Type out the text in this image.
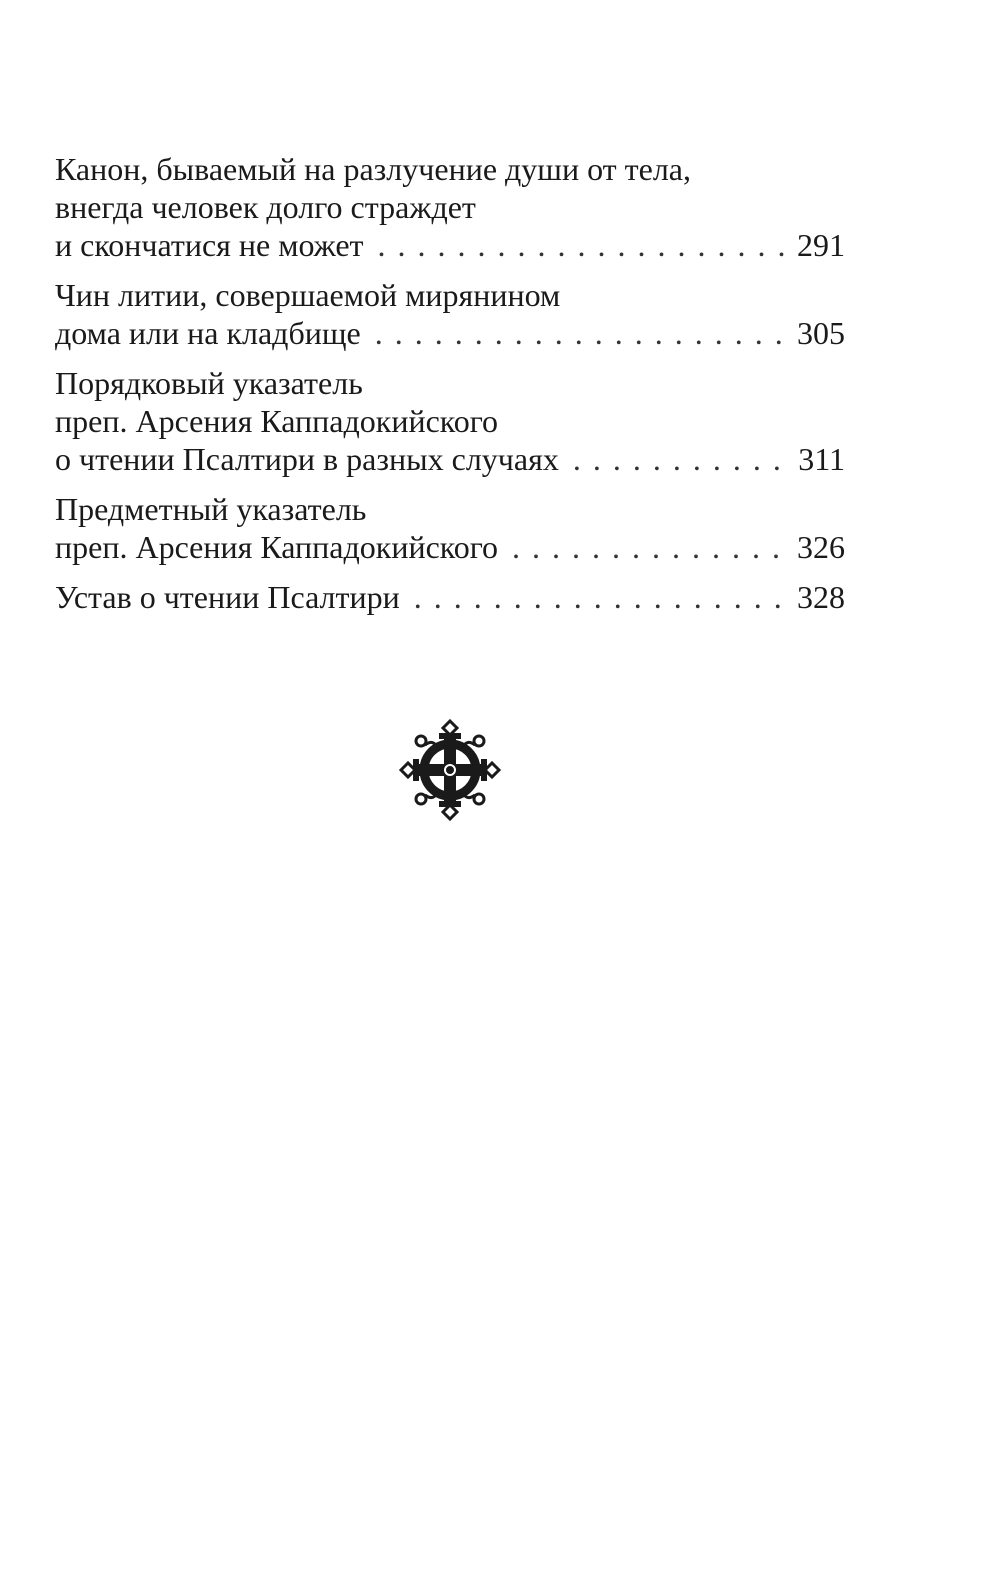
Канон, бываемый на разлучение души от тела,
внегда человек долго страждет
и скончатися не может . . .	291
Чин литии, совершаемой мирянином
дома или на кладбище . . .	305
Порядковый указатель
преп. Арсения Каппадокийского
о чтении Псалтири в разных случаях . . .	311
Предметный указатель
преп. Арсения Каппадокийского . . .	326
Устав о чтении Псалтири . . .	328
